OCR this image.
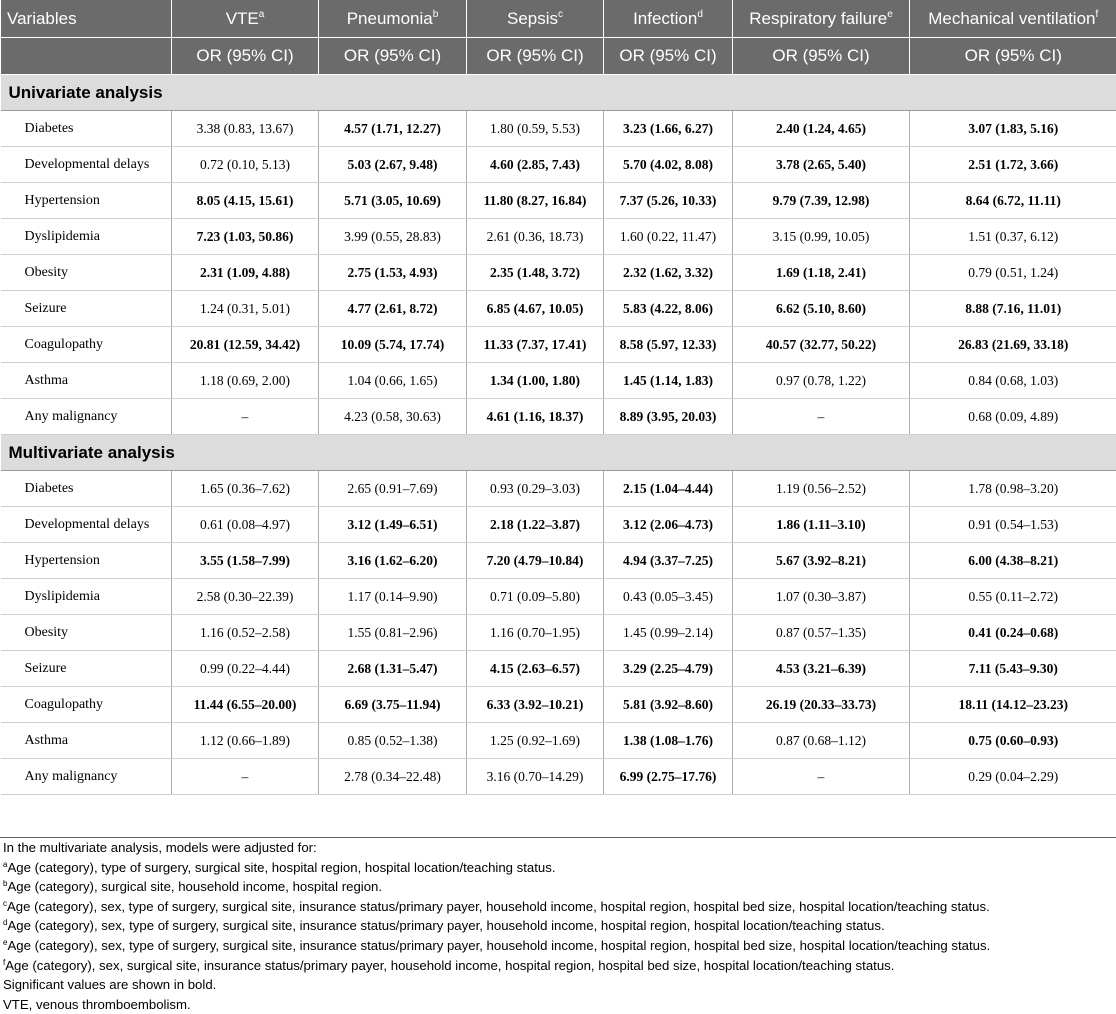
Variables	VTE$^a$	Pneumonia$^b$	Sepsis$^c$	Infection$^d$	Respiratory failure$^e$	Mechanical ventilation$^f$
	OR (95% CI)	OR (95% CI)	OR (95% CI)	OR (95% CI)	OR (95% CI)	OR (95% CI)
Univariate analysis						
Diabetes	3.38 (0.83, 13.67)	4.57 (1.71, 12.27)	1.80 (0.59, 5.53)	3.23 (1.66, 6.27)	2.40 (1.24, 4.65)	3.07 (1.83, 5.16)
Developmental delays	0.72 (0.10, 5.13)	5.03 (2.67, 9.48)	4.60 (2.85, 7.43)	5.70 (4.02, 8.08)	3.78 (2.65, 5.40)	2.51 (1.72, 3.66)
Hypertension	8.05 (4.15, 15.61)	5.71 (3.05, 10.69)	11.80 (8.27, 16.84)	7.37 (5.26, 10.33)	9.79 (7.39, 12.98)	8.64 (6.72, 11.11)
Dyslipidemia	7.23 (1.03, 50.86)	3.99 (0.55, 28.83)	2.61 (0.36, 18.73)	1.60 (0.22, 11.47)	3.15 (0.99, 10.05)	1.51 (0.37, 6.12)
Obesity	2.31 (1.09, 4.88)	2.75 (1.53, 4.93)	2.35 (1.48, 3.72)	2.32 (1.62, 3.32)	1.69 (1.18, 2.41)	0.79 (0.51, 1.24)
Seizure	1.24 (0.31, 5.01)	4.77 (2.61, 8.72)	6.85 (4.67, 10.05)	5.83 (4.22, 8.06)	6.62 (5.10, 8.60)	8.88 (7.16, 11.01)
Coagulopathy	20.81 (12.59, 34.42)	10.09 (5.74, 17.74)	11.33 (7.37, 17.41)	8.58 (5.97, 12.33)	40.57 (32.77, 50.22)	26.83 (21.69, 33.18)
Asthma	1.18 (0.69, 2.00)	1.04 (0.66, 1.65)	1.34 (1.00, 1.80)	1.45 (1.14, 1.83)	0.97 (0.78, 1.22)	0.84 (0.68, 1.03)
Any malignancy	–	4.23 (0.58, 30.63)	4.61 (1.16, 18.37)	8.89 (3.95, 20.03)	–	0.68 (0.09, 4.89)
Multivariate analysis						
Diabetes	1.65 (0.36–7.62)	2.65 (0.91–7.69)	0.93 (0.29–3.03)	2.15 (1.04–4.44)	1.19 (0.56–2.52)	1.78 (0.98–3.20)
Developmental delays	0.61 (0.08–4.97)	3.12 (1.49–6.51)	2.18 (1.22–3.87)	3.12 (2.06–4.73)	1.86 (1.11–3.10)	0.91 (0.54–1.53)
Hypertension	3.55 (1.58–7.99)	3.16 (1.62–6.20)	7.20 (4.79–10.84)	4.94 (3.37–7.25)	5.67 (3.92–8.21)	6.00 (4.38–8.21)
Dyslipidemia	2.58 (0.30–22.39)	1.17 (0.14–9.90)	0.71 (0.09–5.80)	0.43 (0.05–3.45)	1.07 (0.30–3.87)	0.55 (0.11–2.72)
Obesity	1.16 (0.52–2.58)	1.55 (0.81–2.96)	1.16 (0.70–1.95)	1.45 (0.99–2.14)	0.87 (0.57–1.35)	0.41 (0.24–0.68)
Seizure	0.99 (0.22–4.44)	2.68 (1.31–5.47)	4.15 (2.63–6.57)	3.29 (2.25–4.79)	4.53 (3.21–6.39)	7.11 (5.43–9.30)
Coagulopathy	11.44 (6.55–20.00)	6.69 (3.75–11.94)	6.33 (3.92–10.21)	5.81 (3.92–8.60)	26.19 (20.33–33.73)	18.11 (14.12–23.23)
Asthma	1.12 (0.66–1.89)	0.85 (0.52–1.38)	1.25 (0.92–1.69)	1.38 (1.08–1.76)	0.87 (0.68–1.12)	0.75 (0.60–0.93)
Any malignancy	–	2.78 (0.34–22.48)	3.16 (0.70–14.29)	6.99 (2.75–17.76)	–	0.29 (0.04–2.29)
In the multivariate analysis, models were adjusted for:
$^a$Age (category), type of surgery, surgical site, hospital region, hospital location/teaching status.
$^b$Age (category), surgical site, household income, hospital region.
$^c$Age (category), sex, type of surgery, surgical site, insurance status/primary payer, household income, hospital region, hospital bed size, hospital location/teaching status.
$^d$Age (category), sex, type of surgery, surgical site, insurance status/primary payer, household income, hospital region, hospital location/teaching status.
$^e$Age (category), sex, type of surgery, surgical site, insurance status/primary payer, household income, hospital region, hospital bed size, hospital location/teaching status.
$^f$Age (category), sex, surgical site, insurance status/primary payer, household income, hospital region, hospital bed size, hospital location/teaching status.
Significant values are shown in bold.
VTE, venous thromboembolism.
